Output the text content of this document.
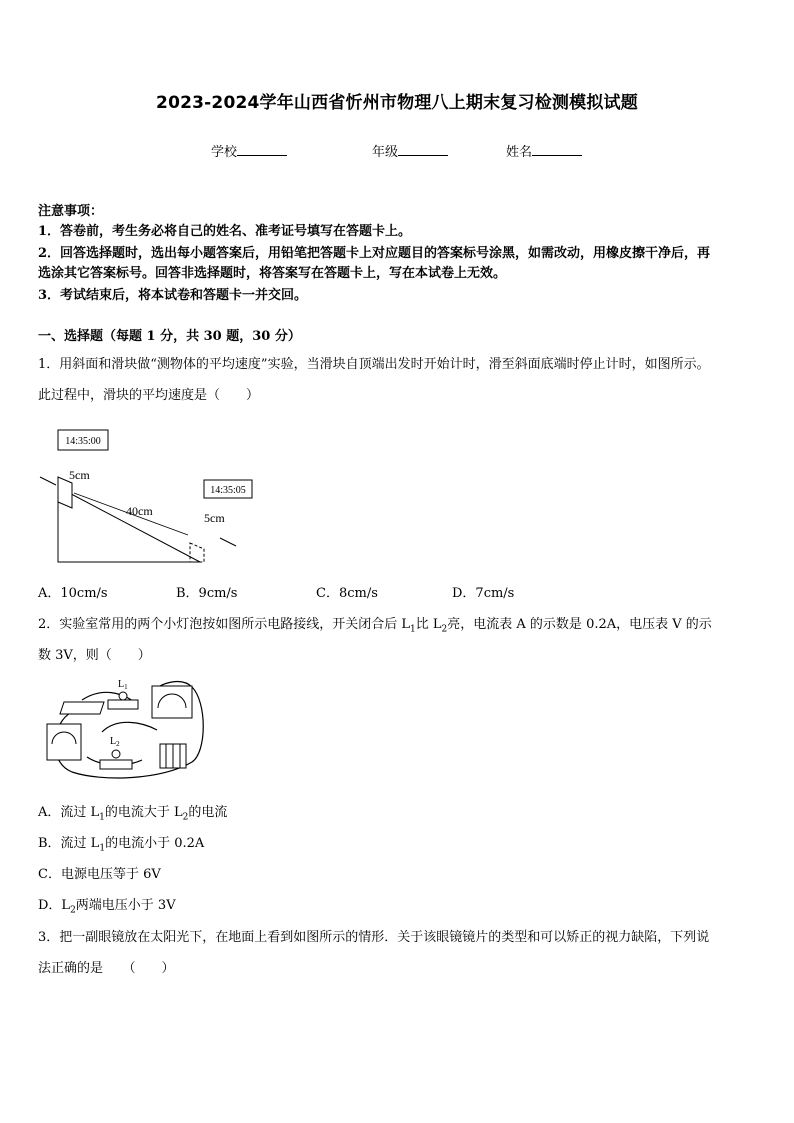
2023-2024学年山西省忻州市物理八上期末复习检测模拟试题
学校	年级	姓名
注意事项：
1．答卷前，考生务必将自己的姓名、准考证号填写在答题卡上。
2．回答选择题时，选出每小题答案后，用铅笔把答题卡上对应题目的答案标号涂黑，如需改动，用橡皮擦干净后，再
选涂其它答案标号。回答非选择题时，将答案写在答题卡上，写在本试卷上无效。
3．考试结束后，将本试卷和答题卡一并交回。
一、选择题（每题 1 分，共 30 题，30 分）
1．用斜面和滑块做“测物体的平均速度”实验，当滑块自顶端出发时开始计时，滑至斜面底端时停止计时，如图所示。
此过程中，滑块的平均速度是（　　）
14:35:00
14:35:05
5cm
40cm	5cm
A．10cm/s	B．9cm/s	C．8cm/s	D．7cm/s
2．实验室常用的两个小灯泡按如图所示电路接线，开关闭合后 $L_1$比 $L_2$亮，电流表 A 的示数是 0.2A，电压表 V 的示
数 3V，则（　　）
$L_1$
$L_2$
A．流过 $L_1$的电流大于 $L_2$的电流
B．流过 $L_1$的电流小于 0.2A
C．电源电压等于 6V
D．$L_2$两端电压小于 3V
3．把一副眼镜放在太阳光下，在地面上看到如图所示的情形．关于该眼镜镜片的类型和可以矫正的视力缺陷，下列说
法正确的是　　（　　）
